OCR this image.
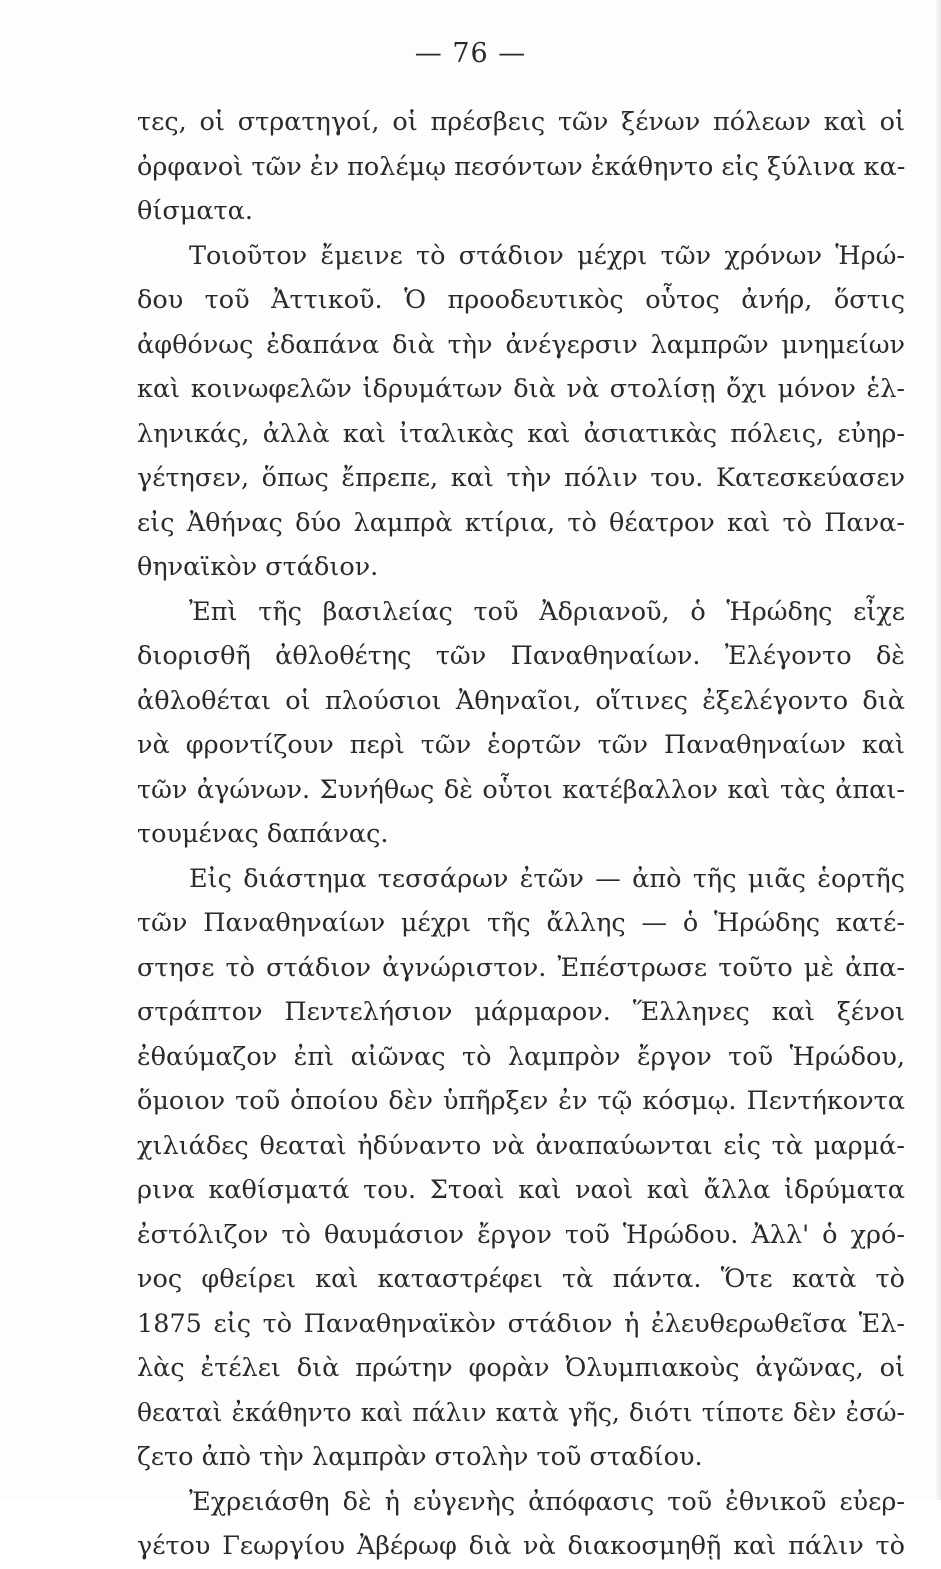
— 76 —
τες, οἱ στρατηγοί, οἱ πρέσβεις τῶν ξένων πόλεων καὶ οἱ
ὀρφανοὶ τῶν ἐν πολέμῳ πεσόντων ἐκάθηντο εἰς ξύλινα κα-
θίσματα.
Τοιοῦτον ἔμεινε τὸ στάδιον μέχρι τῶν χρόνων Ἡρώ-
δου τοῦ Ἀττικοῦ. Ὁ προοδευτικὸς οὗτος ἀνήρ, ὅστις
ἀφθόνως ἐδαπάνα διὰ τὴν ἀνέγερσιν λαμπρῶν μνημείων
καὶ κοινωφελῶν ἱδρυμάτων διὰ νὰ στολίσῃ ὄχι μόνον ἑλ-
ληνικάς, ἀλλὰ καὶ ἰταλικὰς καὶ ἀσιατικὰς πόλεις, εὐηρ-
γέτησεν, ὅπως ἔπρεπε, καὶ τὴν πόλιν του. Κατεσκεύασεν
εἰς Ἀθήνας δύο λαμπρὰ κτίρια, τὸ θέατρον καὶ τὸ Πανα-
θηναϊκὸν στάδιον.
Ἐπὶ τῆς βασιλείας τοῦ Ἀδριανοῦ, ὁ Ἡρώδης εἶχε
διορισθῆ ἀθλοθέτης τῶν Παναθηναίων. Ἐλέγοντο δὲ
ἀθλοθέται οἱ πλούσιοι Ἀθηναῖοι, οἵτινες ἐξελέγοντο διὰ
νὰ φροντίζουν περὶ τῶν ἑορτῶν τῶν Παναθηναίων καὶ
τῶν ἀγώνων. Συνήθως δὲ οὗτοι κατέβαλλον καὶ τὰς ἀπαι-
τουμένας δαπάνας.
Εἰς διάστημα τεσσάρων ἐτῶν — ἀπὸ τῆς μιᾶς ἑορτῆς
τῶν Παναθηναίων μέχρι τῆς ἄλλης — ὁ Ἡρώδης κατέ-
στησε τὸ στάδιον ἀγνώριστον. Ἐπέστρωσε τοῦτο μὲ ἀπα-
στράπτον Πεντελήσιον μάρμαρον. Ἕλληνες καὶ ξένοι
ἐθαύμαζον ἐπὶ αἰῶνας τὸ λαμπρὸν ἔργον τοῦ Ἡρώδου,
ὅμοιον τοῦ ὁποίου δὲν ὑπῆρξεν ἐν τῷ κόσμῳ. Πεντήκοντα
χιλιάδες θεαταὶ ἠδύναντο νὰ ἀναπαύωνται εἰς τὰ μαρμά-
ρινα καθίσματά του. Στοαὶ καὶ ναοὶ καὶ ἄλλα ἱδρύματα
ἐστόλιζον τὸ θαυμάσιον ἔργον τοῦ Ἡρώδου. Ἀλλ' ὁ χρό-
νος φθείρει καὶ καταστρέφει τὰ πάντα. Ὅτε κατὰ τὸ
1875 εἰς τὸ Παναθηναϊκὸν στάδιον ἡ ἐλευθερωθεῖσα Ἑλ-
λὰς ἐτέλει διὰ πρώτην φορὰν Ὀλυμπιακοὺς ἀγῶνας, οἱ
θεαταὶ ἐκάθηντο καὶ πάλιν κατὰ γῆς, διότι τίποτε δὲν ἐσώ-
ζετο ἀπὸ τὴν λαμπρὰν στολὴν τοῦ σταδίου.
Ἐχρειάσθη δὲ ἡ εὐγενὴς ἀπόφασις τοῦ ἐθνικοῦ εὐερ-
γέτου Γεωργίου Ἀβέρωφ διὰ νὰ διακοσμηθῇ καὶ πάλιν τὸ
